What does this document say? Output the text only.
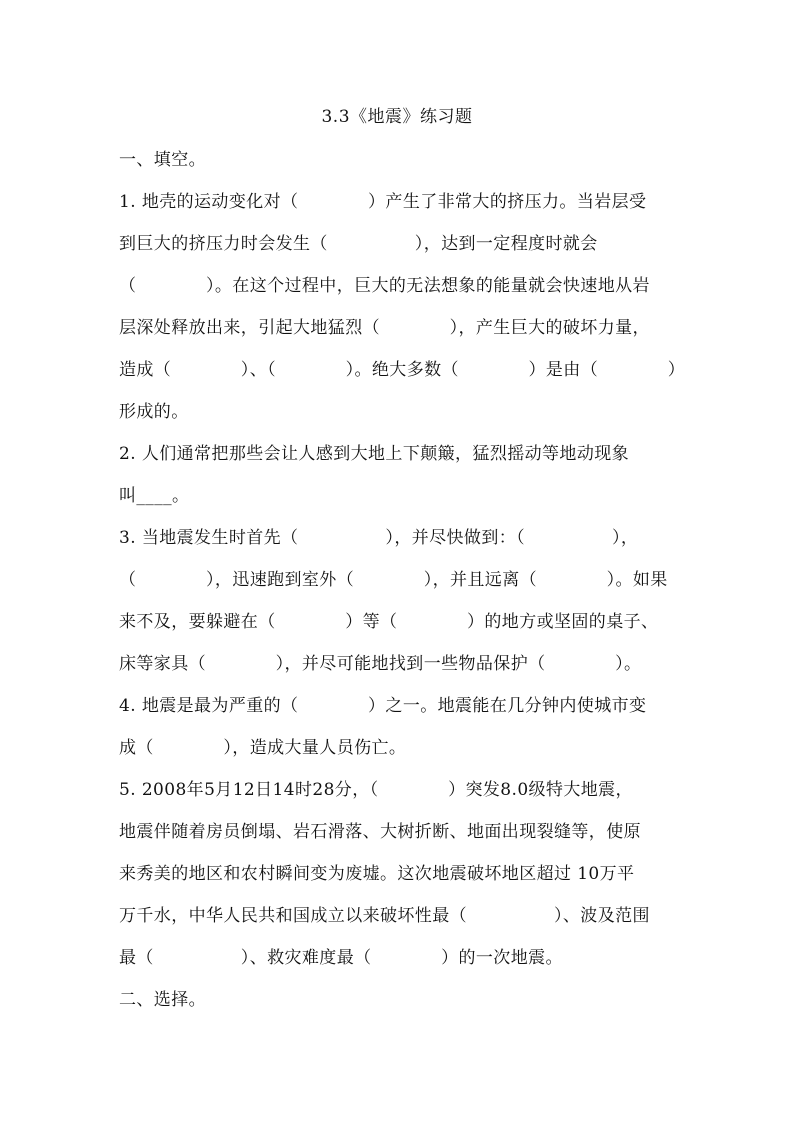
3.3《地震》练习题
一、填空。
1. 地壳的运动变化对（　　　　）产生了非常大的挤压力。当岩层受
到巨大的挤压力时会发生（　　　　　），达到一定程度时就会
（　　　　）。在这个过程中，巨大的无法想象的能量就会快速地从岩
层深处释放出来，引起大地猛烈（　　　　），产生巨大的破坏力量，
造成（　　　　）、（　　　　）。绝大多数（　　　　）是由（　　　　）
形成的。
2. 人们通常把那些会让人感到大地上下颠簸，猛烈摇动等地动现象
叫____。
3. 当地震发生时首先（　　　　　），并尽快做到：（　　　　　），
（　　　　），迅速跑到室外（　　　　），并且远离（　　　　）。如果
来不及，要躲避在（　　　　）等（　　　　）的地方或坚固的桌子、
床等家具（　　　　），并尽可能地找到一些物品保护（　　　　）。
4. 地震是最为严重的（　　　　）之一。地震能在几分钟内使城市变
成（　　　　），造成大量人员伤亡。
5. 2008年5月12日14时28分，（　　　　）突发8.0级特大地震，
地震伴随着房员倒塌、岩石滑落、大树折断、地面出现裂缝等，使原
来秀美的地区和农村瞬间变为废墟。这次地震破坏地区超过 10万平
万千水，中华人民共和国成立以来破坏性最（　　　　　）、波及范围
最（　　　　　）、救灾难度最（　　　　）的一次地震。
二、选择。
